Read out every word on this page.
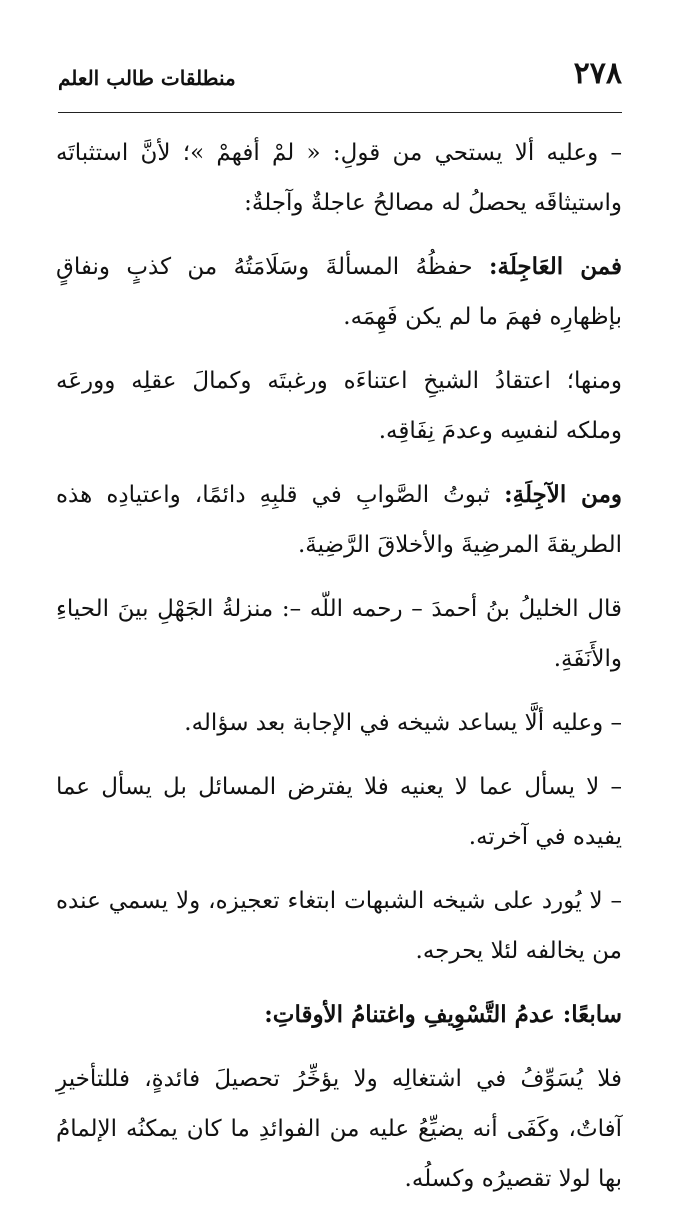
٢٧٨
منطلقات طالب العلم

– وعليه ألا يستحي من قولِ: « لمْ أفهمْ »؛ لأنَّ استثباتَه واستيثاقَه يحصلُ له مصالحُ عاجلةٌ وآجلةٌ:

فمن العَاجِلَة: حفظُهُ المسألةَ وسَلَامَتُهُ من كذبٍ ونفاقٍ بإظهارِه فهمَ ما لم يكن فَهِمَه.

ومنها؛ اعتقادُ الشيخِ اعتناءَه ورغبتَه وكمالَ عقلِه وورعَه وملكه لنفسِه وعدمَ نِفَاقِه.

ومن الآجِلَةِ: ثبوتُ الصَّوابِ في قلبِهِ دائمًا، واعتيادِه هذه الطريقةَ المرضِيةَ والأخلاقَ الرَّضِيةَ.

قال الخليلُ بنُ أحمدَ – رحمه اللّه –: منزلةُ الجَهْلِ بينَ الحياءِ والأَنَفَةِ.

– وعليه ألَّا يساعد شيخه في الإجابة بعد سؤاله.

– لا يسأل عما لا يعنيه فلا يفترض المسائل بل يسأل عما يفيده في آخرته.

– لا يُورد على شيخه الشبهات ابتغاء تعجيزه، ولا يسمي عنده من يخالفه لئلا يحرجه.

سابعًا: عدمُ التَّسْوِيفِ واغتنامُ الأوقاتِ:

فلا يُسَوِّفُ في اشتغالِه ولا يؤخِّرُ تحصيلَ فائدةٍ، فللتأخيرِ آفاتٌ، وكَفَى أنه يضيِّعُ عليه من الفوائدِ ما كان يمكنُه الإلمامُ بها لولا تقصيرُه وكسلُه.
